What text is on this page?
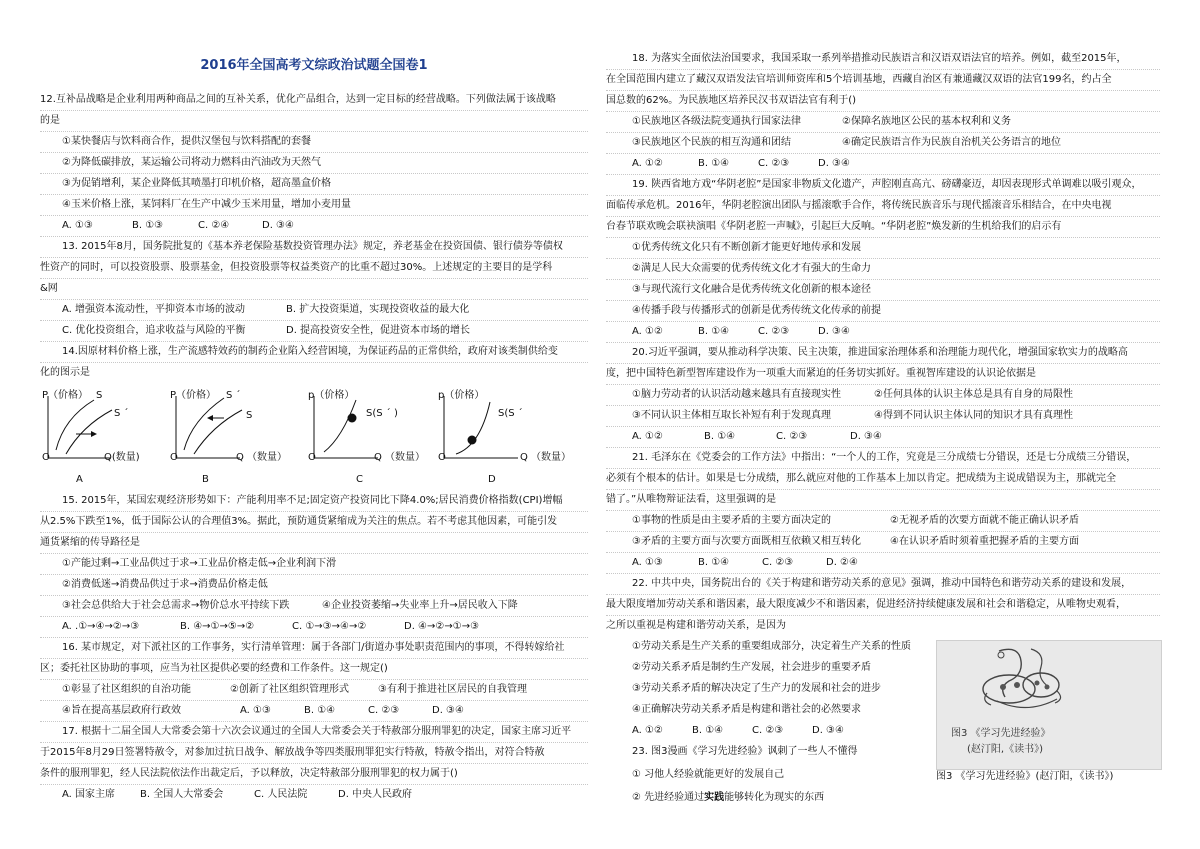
2016年全国高考文综政治试题全国卷1
12.互补品战略是企业利用两种商品之间的互补关系，优化产品组合，达到一定目标的经营战略。下列做法属于该战略
的是
①某快餐店与饮料商合作，提供汉堡包与饮料搭配的套餐
②为降低碳排放，某运输公司将动力燃料由汽油改为天然气
③为促销增利，某企业降低其喷墨打印机价格，超高墨盒价格
④玉米价格上涨，某饲料厂在生产中减少玉米用量，增加小麦用量
A. ①③	B. ①③	C. ②④	D. ③④
13. 2015年8月，国务院批复的《基本养老保险基数投资管理办法》规定，养老基金在投资国债、银行债券等债权
性资产的同时，可以投资股票、股票基金，但投资股票等权益类资产的比重不超过30%。上述规定的主要目的是学科
&网
A. 增强资本流动性，平抑资本市场的波动	B. 扩大投资渠道，实现投资收益的最大化
C. 优化投资组合，追求收益与风险的平衡	D. 提高投资安全性，促进资本市场的增长
14.因原材料价格上涨，生产流感特效药的制药企业陷入经营困境，为保证药品的正常供给，政府对该类制供给变
化的图示是
P（价格） S
S ´
O	Q(数量)
A
P（价格） S ´
S
O	Q （数量）
B
p（价格）
S(S ´ )
O	Q （数量）
C
p（价格）
S(S ´
O	Q （数量）
D
15. 2015年，某国宏观经济形势如下：产能利用率不足;固定资产投资同比下降4.0%;居民消费价格指数(CPI)增幅
从2.5%下跌至1%，低于国际公认的合理值3%。据此，预防通货紧缩成为关注的焦点。若不考虑其他因素，可能引发
通货紧缩的传导路径是
①产能过剩→工业品供过于求→工业品价格走低→企业利润下滑
②消费低迷→消费品供过于求→消费品价格走低
③社会总供给大于社会总需求→物价总水平持续下跌	④企业投资萎缩→失业率上升→居民收入下降
A. .①→④→②→③	B. ④→①→⑤→②	C. ①→③→④→②	D. ④→②→①→③
16. 某市规定，对下派社区的工作事务，实行清单管理：属于各部门/街道办事处职责范围内的事项，不得转嫁给社
区；委托社区协助的事项，应当为社区提供必要的经费和工作条件。这一规定()
①彰显了社区组织的自治功能	②创新了社区组织管理形式	③有利于推进社区居民的自我管理
④旨在提高基层政府行政效	A. ①③	B. ①④	C. ②③	D. ③④
17. 根据十二届全国人大常委会第十六次会议通过的全国人大常委会关于特赦部分服刑罪犯的决定，国家主席习近平
于2015年8月29日签署特赦令，对参加过抗日战争、解放战争等四类服刑罪犯实行特赦，特赦令指出，对符合特赦
条件的服刑罪犯，经人民法院依法作出裁定后，予以释放，决定特赦部分服刑罪犯的权力属于()
A. 国家主席 B. 全国人大常委会	C. 人民法院	D. 中央人民政府
18. 为落实全面依法治国要求，我国采取一系列举措推动民族语言和汉语双语法官的培养。例如，截至2015年，
在全国范围内建立了藏汉双语发法官培训师资库和5个培训基地，西藏自治区有兼通藏汉双语的法官199名，约占全
国总数的62%。为民族地区培养民汉书双语法官有利于()
①民族地区各级法院变通执行国家法律	②保障名族地区公民的基本权利和义务
③民族地区个民族的相互沟通和团结	④确定民族语言作为民族自治机关公务语言的地位
A. ①②	B. ①④	C. ②③	D. ③④
19. 陕西省地方戏“华阴老腔”是国家非物质文化遗产，声腔刚直高亢、磅礴豪迈，却因表现形式单调难以吸引观众，
面临传承危机。2016年，华阴老腔演出团队与摇滚歌手合作，将传统民族音乐与现代摇滚音乐相结合，在中央电视
台春节联欢晚会联袂演唱《华阴老腔一声喊》，引起巨大反响。“华阴老腔”焕发新的生机给我们的启示有
①优秀传统文化只有不断创新才能更好地传承和发展
②满足人民大众需要的优秀传统文化才有强大的生命力
③与现代流行文化融合是优秀传统文化创新的根本途径
④传播手段与传播形式的创新是优秀传统文化传承的前提
A. ①②	B. ①④	C. ②③	D. ③④
20.习近平强调，要从推动科学决策、民主决策，推进国家治理体系和治理能力现代化，增强国家软实力的战略高
度，把中国特色新型智库建设作为一项重大而紧迫的任务切实抓好。重视智库建设的认识论依据是
①脑力劳动者的认识活动越来越具有直接现实性	②任何具体的认识主体总是具有自身的局限性
③不同认识主体相互取长补短有利于发现真理	④得到不同认识主体认同的知识才具有真理性
A. ①②	B. ①④	C. ②③	D. ③④
21. 毛泽东在《党委会的工作方法》中指出：“一个人的工作，究竟是三分成绩七分错误，还是七分成绩三分错误，
必须有个根本的估计。如果是七分成绩，那么就应对他的工作基本上加以肯定。把成绩为主说成错误为主，那就完全
错了。”从唯物辩证法看，这里强调的是
①事物的性质是由主要矛盾的主要方面决定的	②无视矛盾的次要方面就不能正确认识矛盾
③矛盾的主要方面与次要方面既相互依赖又相互转化	④在认识矛盾时须着重把握矛盾的主要方面
A. ①③	B. ①④	C. ②③	D. ②④
22. 中共中央，国务院出台的《关于构建和谐劳动关系的意见》强调，推动中国特色和谐劳动关系的建设和发展，
最大限度增加劳动关系和谐因素，最大限度减少不和谐因素，促进经济持续健康发展和社会和谐稳定，从唯物史观看，
之所以重视是构建和谐劳动关系，是因为
①劳动关系是生产关系的重要组成部分，决定着生产关系的性质
②劳动关系矛盾是制约生产发展，社会进步的重要矛盾
③劳动关系矛盾的解决决定了生产力的发展和社会的进步
④正确解决劳动关系矛盾是构建和谐社会的必然要求
A. ①②	B. ①④	C. ②③	D. ③④	图3 《学习先进经验》
(赵汀阳,《读书》)
23. 图3漫画《学习先进经验》讽刺了一些人不懂得
① 习他人经验就能更好的发展自己	图3 《学习先进经验》(赵汀阳，《读书》)
② 先进经验通过实践能够转化为现实的东西
